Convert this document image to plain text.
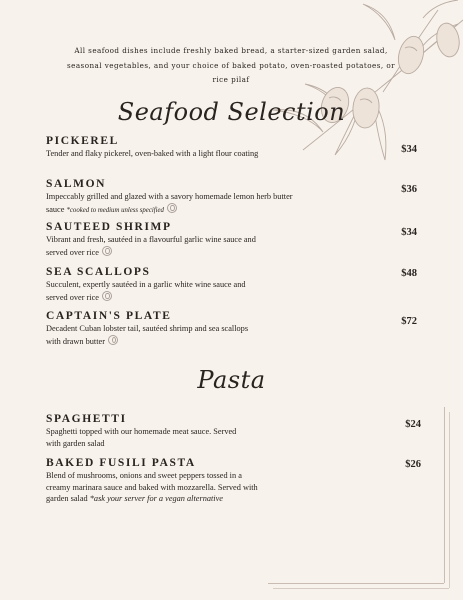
All seafood dishes include freshly baked bread, a starter-sized garden salad, seasonal vegetables, and your choice of baked potato, oven-roasted potatoes, or rice pilaf
Seafood Selection
PICKEREL
Tender and flaky pickerel, oven-baked with a light flour coating	$34
SALMON
Impeccably grilled and glazed with a savory homemade lemon herb butter sauce *cooked to medium unless specified
$36
SAUTEED SHRIMP
Vibrant and fresh, sautéed in a flavourful garlic wine sauce and served over rice
$34
SEA SCALLOPS
Succulent, expertly sautéed in a garlic white wine sauce and served over rice
$48
CAPTAIN'S PLATE
Decadent Cuban lobster tail, sautéed shrimp and sea scallops with drawn butter
$72
Pasta
SPAGHETTI
Spaghetti topped with our homemade meat sauce. Served with garden salad
$24
BAKED FUSILI PASTA
Blend of mushrooms, onions and sweet peppers tossed in a creamy marinara sauce and baked with mozzarella. Served with garden salad *ask your server for a vegan alternative
$26
